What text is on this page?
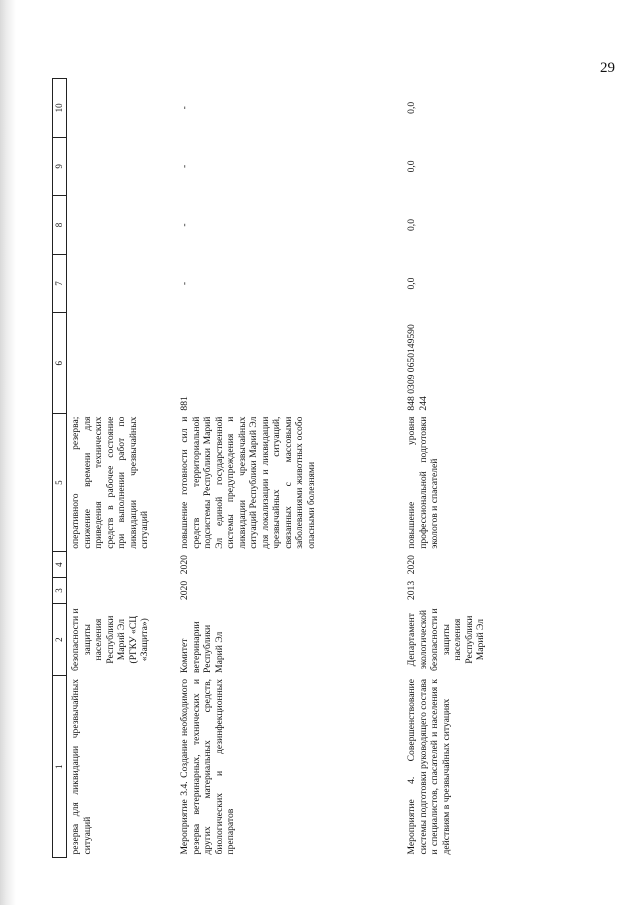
29
1	2	3	4	5	6	7	8	9	10
резерва для ликвидации чрезвычайных ситуаций	безопасности и защиты населения Республики Марий Эл (РГКУ «СЦ «Защита»)			оперативного резерва; снижение времени для приведения технических средств в рабочее состояние при выполнении работ по ликвидации чрезвычайных ситуаций					
Мероприятие 3.4. Создание необходимого резерва ветеринарных, технических и других материальных средств, биологических и дезинфекционных препаратов	Комитет ветеринарии Республики Марий Эл	2020	2020	повышение готовности сил и средств территориальной подсистемы Республики Марий Эл единой государственной системы предупреждения и ликвидации чрезвычайных ситуаций Республики Марий Эл для локализации и ликвидации чрезвычайных ситуаций, связанных с массовыми заболеваниями животных особо опасными болезнями	881	-	-	-	-
Мероприятие 4. Совершенствование системы подготовки руководящего состава и специалистов, спасателей и населения к действиям в чрезвычайных ситуациях	Департамент экологической безопасности и защиты населения Республики Марий Эл	2013	2020	повышение уровня профессиональной подготовки экологов и спасателей	848 0309 0650149590 244	0,0	0,0	0,0	0,0
